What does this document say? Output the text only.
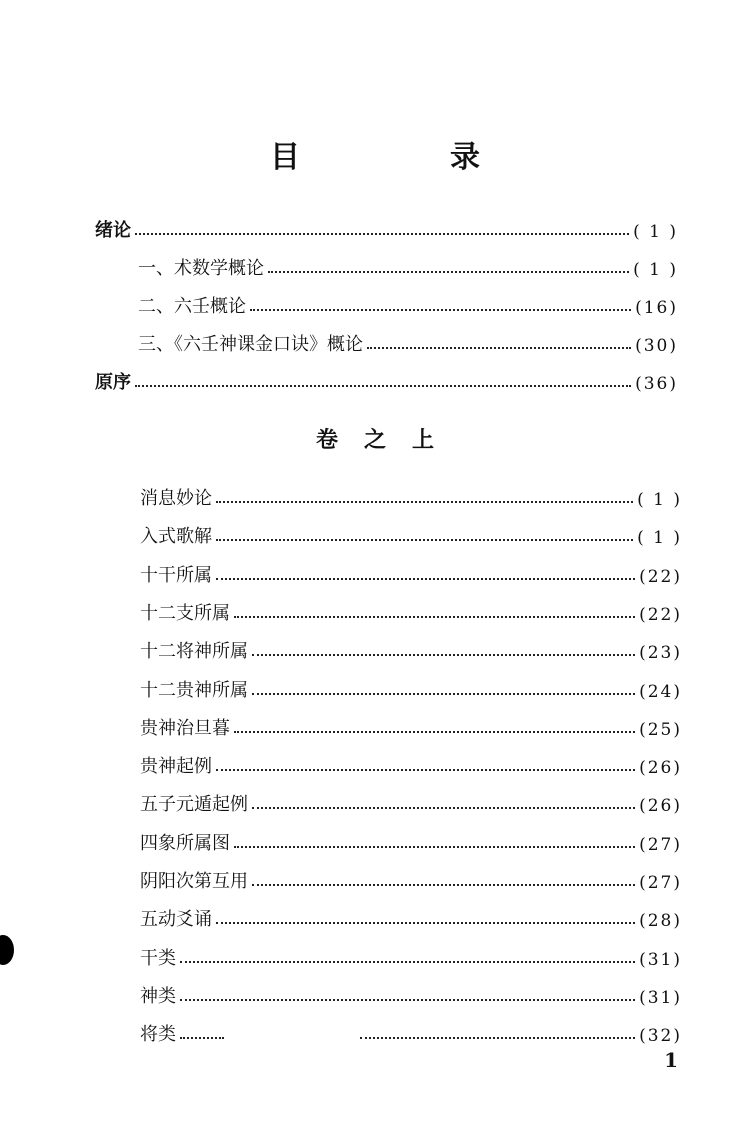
目　录
绪论	( 1 )
一、术数学概论	( 1 )
二、六壬概论	(16)
三、《六壬神课金口诀》概论	(30)
原序	(36)
卷之上
消息妙论	( 1 )
入式歌解	( 1 )
十干所属	(22)
十二支所属	(22)
十二将神所属	(23)
十二贵神所属	(24)
贵神治旦暮	(25)
贵神起例	(26)
五子元遁起例	(26)
四象所属图	(27)
阴阳次第互用	(27)
五动爻诵	(28)
干类	(31)
神类	(31)
将类	(32)
1
